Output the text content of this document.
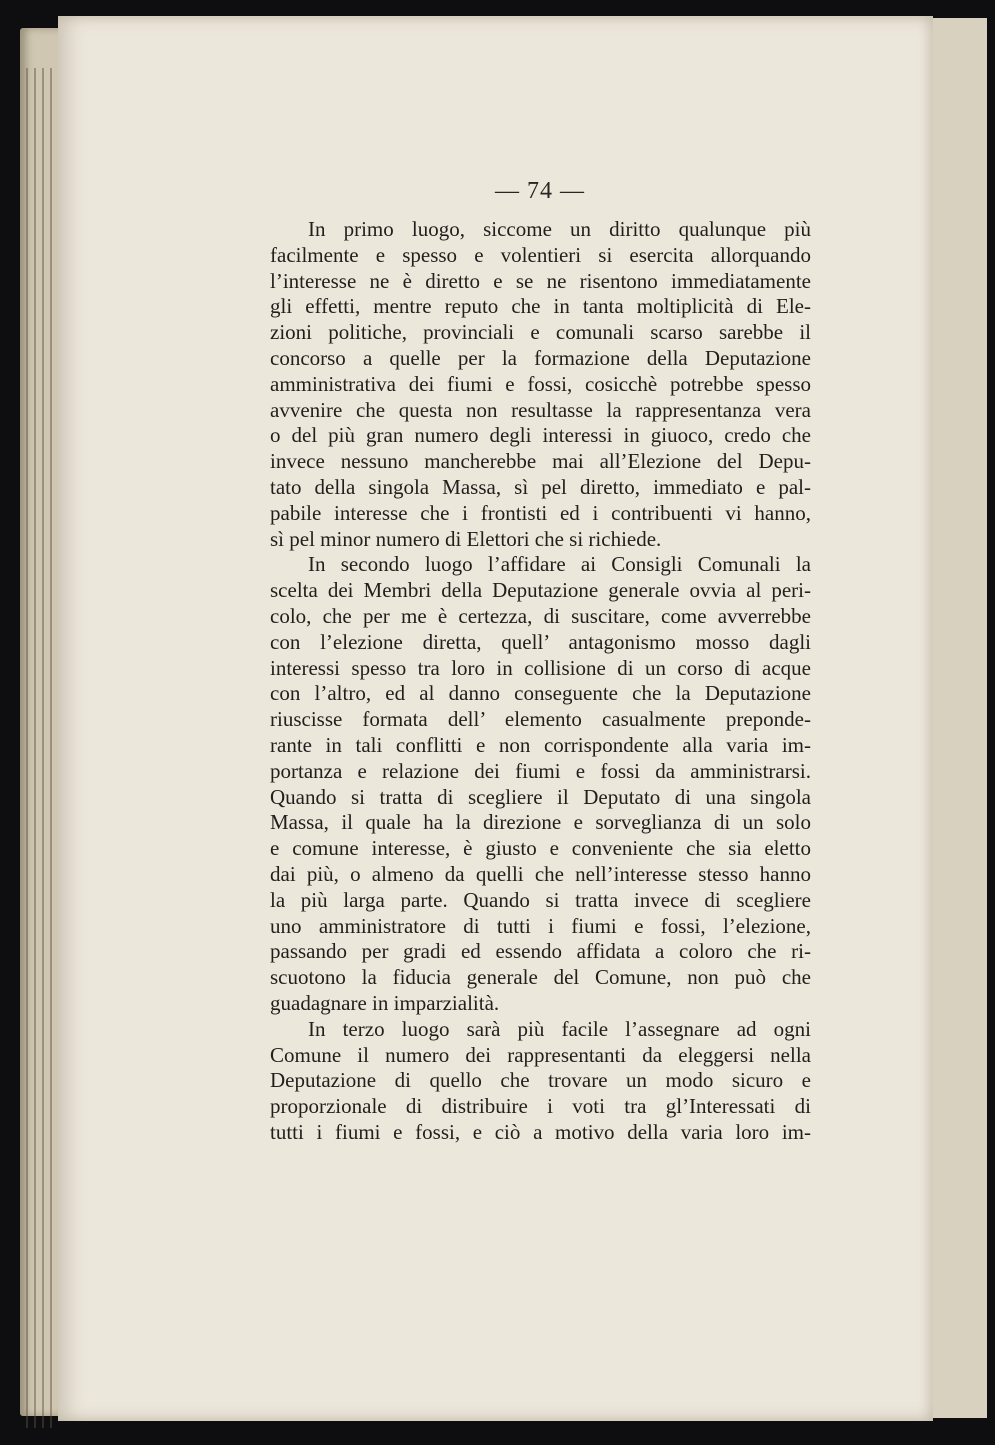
— 74 —
In primo luogo, siccome un diritto qualunque più
facilmente e spesso e volentieri si esercita allorquando
l’interesse ne è diretto e se ne risentono immediatamente
gli effetti, mentre reputo che in tanta moltiplicità di Ele-
zioni politiche, provinciali e comunali scarso sarebbe il
concorso a quelle per la formazione della Deputazione
amministrativa dei fiumi e fossi, cosicchè potrebbe spesso
avvenire che questa non resultasse la rappresentanza vera
o del più gran numero degli interessi in giuoco, credo che
invece nessuno mancherebbe mai all’Elezione del Depu-
tato della singola Massa, sì pel diretto, immediato e pal-
pabile interesse che i frontisti ed i contribuenti vi hanno,
sì pel minor numero di Elettori che si richiede.
In secondo luogo l’affidare ai Consigli Comunali la
scelta dei Membri della Deputazione generale ovvia al peri-
colo, che per me è certezza, di suscitare, come avverrebbe
con l’elezione diretta, quell’ antagonismo mosso dagli
interessi spesso tra loro in collisione di un corso di acque
con l’altro, ed al danno conseguente che la Deputazione
riuscisse formata dell’ elemento casualmente preponde-
rante in tali conflitti e non corrispondente alla varia im-
portanza e relazione dei fiumi e fossi da amministrarsi.
Quando si tratta di scegliere il Deputato di una singola
Massa, il quale ha la direzione e sorveglianza di un solo
e comune interesse, è giusto e conveniente che sia eletto
dai più, o almeno da quelli che nell’interesse stesso hanno
la più larga parte. Quando si tratta invece di scegliere
uno amministratore di tutti i fiumi e fossi, l’elezione,
passando per gradi ed essendo affidata a coloro che ri-
scuotono la fiducia generale del Comune, non può che
guadagnare in imparzialità.
In terzo luogo sarà più facile l’assegnare ad ogni
Comune il numero dei rappresentanti da eleggersi nella
Deputazione di quello che trovare un modo sicuro e
proporzionale di distribuire i voti tra gl’Interessati di
tutti i fiumi e fossi, e ciò a motivo della varia loro im-
